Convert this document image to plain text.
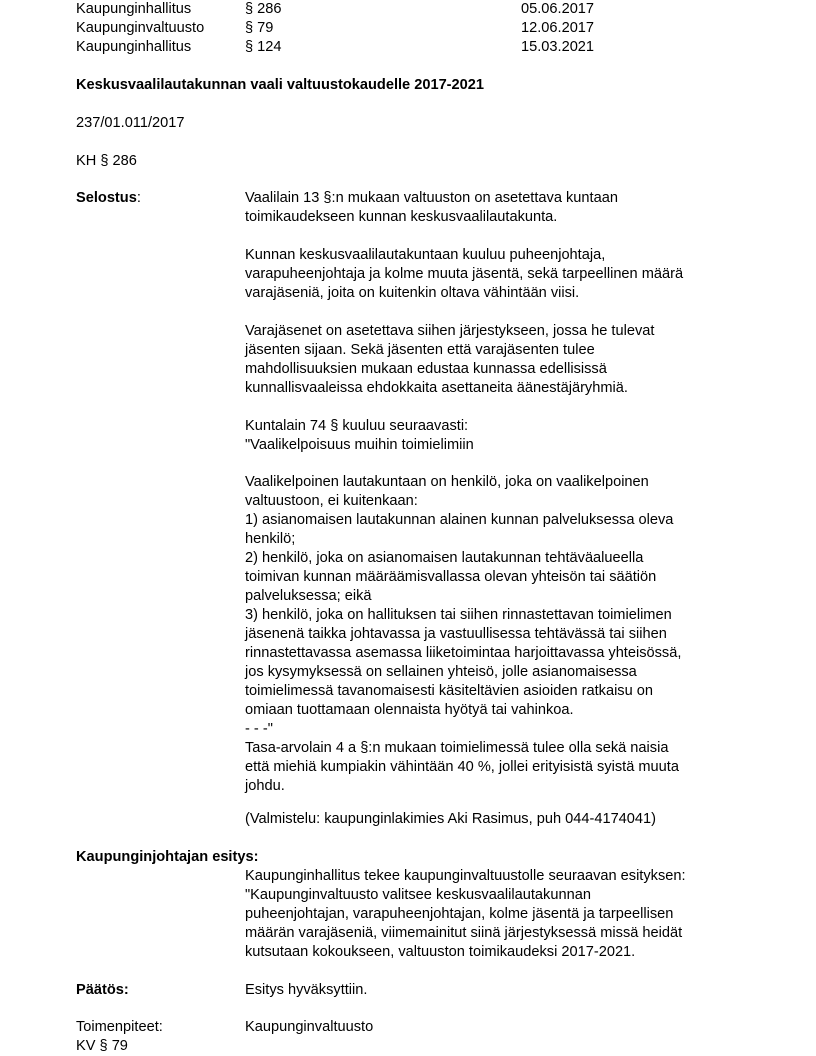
Kaupunginhallitus	§ 286	05.06.2017
Kaupunginvaltuusto	§ 79	12.06.2017
Kaupunginhallitus	§ 124	15.03.2021
Keskusvaalilautakunnan vaali valtuustokaudelle 2017-2021
237/01.011/2017
KH § 286
Selostus:	Vaalilain 13 §:n mukaan valtuuston on asetettava kuntaan
toimikaudekseen kunnan keskusvaalilautakunta.
Kunnan keskusvaalilautakuntaan kuuluu puheenjohtaja,
varapuheenjohtaja ja kolme muuta jäsentä, sekä tarpeellinen määrä
varajäseniä, joita on kuitenkin oltava vähintään viisi.
Varajäsenet on asetettava siihen järjestykseen, jossa he tulevat
jäsenten sijaan. Sekä jäsenten että varajäsenten tulee
mahdollisuuksien mukaan edustaa kunnassa edellisissä
kunnallisvaaleissa ehdokkaita asettaneita äänestäjäryhmiä.
Kuntalain 74 § kuuluu seuraavasti:
"Vaalikelpoisuus muihin toimielimiin
Vaalikelpoinen lautakuntaan on henkilö, joka on vaalikelpoinen
valtuustoon, ei kuitenkaan:
1) asianomaisen lautakunnan alainen kunnan palveluksessa oleva
henkilö;
2) henkilö, joka on asianomaisen lautakunnan tehtäväalueella
toimivan kunnan määräämisvallassa olevan yhteisön tai säätiön
palveluksessa; eikä
3) henkilö, joka on hallituksen tai siihen rinnastettavan toimielimen
jäsenenä taikka johtavassa ja vastuullisessa tehtävässä tai siihen
rinnastettavassa asemassa liiketoimintaa harjoittavassa yhteisössä,
jos kysymyksessä on sellainen yhteisö, jolle asianomaisessa
toimielimessä tavanomaisesti käsiteltävien asioiden ratkaisu on
omiaan tuottamaan olennaista hyötyä tai vahinkoa.
- - -"
Tasa-arvolain 4 a §:n mukaan toimielimessä tulee olla sekä naisia
että miehiä kumpiakin vähintään 40 %, jollei erityisistä syistä muuta
johdu.
(Valmistelu: kaupunginlakimies Aki Rasimus, puh 044-4174041)
Kaupunginjohtajan esitys:
Kaupunginhallitus tekee kaupunginvaltuustolle seuraavan esityksen:
"Kaupunginvaltuusto valitsee keskusvaalilautakunnan
puheenjohtajan, varapuheenjohtajan, kolme jäsentä ja tarpeellisen
määrän varajäseniä, viimemainitut siinä järjestyksessä missä heidät
kutsutaan kokoukseen, valtuuston toimikaudeksi 2017-2021.
Päätös:	Esitys hyväksyttiin.
Toimenpiteet:	Kaupunginvaltuusto
KV § 79
